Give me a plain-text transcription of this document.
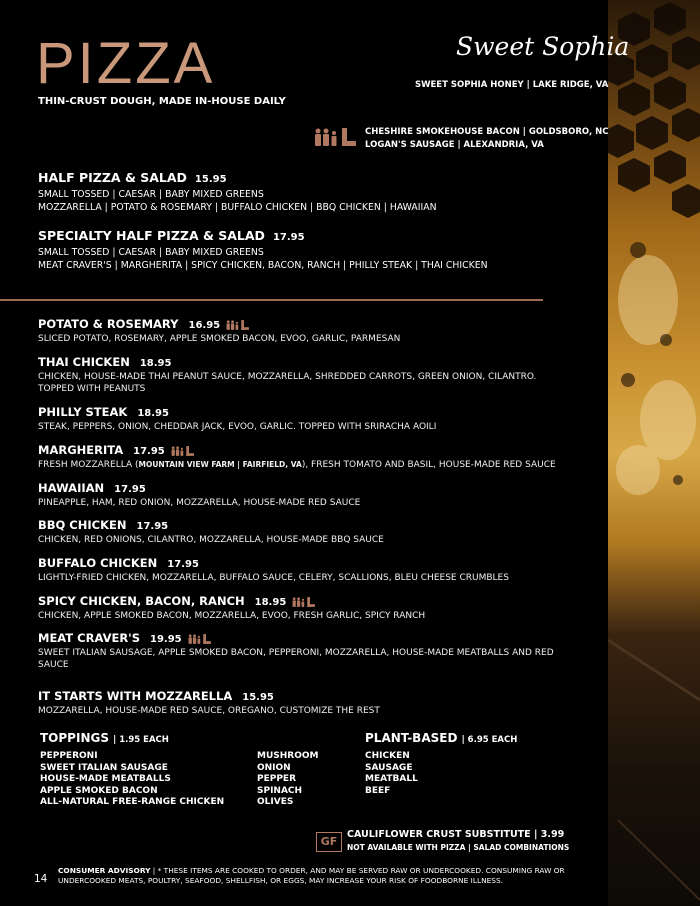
PIZZA
THIN-CRUST DOUGH, MADE IN-HOUSE DAILY
Sweet Sophia
SWEET SOPHIA HONEY | LAKE RIDGE, VA
CHESHIRE SMOKEHOUSE BACON | GOLDSBORO, NC
LOGAN'S SAUSAGE | ALEXANDRIA, VA
HALF PIZZA & SALAD 15.95
SMALL TOSSED | CAESAR | BABY MIXED GREENS
MOZZARELLA | POTATO & ROSEMARY | BUFFALO CHICKEN | BBQ CHICKEN | HAWAIIAN
SPECIALTY HALF PIZZA & SALAD 17.95
SMALL TOSSED | CAESAR | BABY MIXED GREENS
MEAT CRAVER'S | MARGHERITA | SPICY CHICKEN, BACON, RANCH | PHILLY STEAK | THAI CHICKEN
POTATO & ROSEMARY 16.95
SLICED POTATO, ROSEMARY, APPLE SMOKED BACON, EVOO, GARLIC, PARMESAN
THAI CHICKEN 18.95
CHICKEN, HOUSE-MADE THAI PEANUT SAUCE, MOZZARELLA, SHREDDED CARROTS, GREEN ONION, CILANTRO. TOPPED WITH PEANUTS
PHILLY STEAK 18.95
STEAK, PEPPERS, ONION, CHEDDAR JACK, EVOO, GARLIC. TOPPED WITH SRIRACHA AOILI
MARGHERITA 17.95
FRESH MOZZARELLA (MOUNTAIN VIEW FARM | FAIRFIELD, VA), FRESH TOMATO AND BASIL, HOUSE-MADE RED SAUCE
HAWAIIAN 17.95
PINEAPPLE, HAM, RED ONION, MOZZARELLA, HOUSE-MADE RED SAUCE
BBQ CHICKEN 17.95
CHICKEN, RED ONIONS, CILANTRO, MOZZARELLA, HOUSE-MADE BBQ SAUCE
BUFFALO CHICKEN 17.95
LIGHTLY-FRIED CHICKEN, MOZZARELLA, BUFFALO SAUCE, CELERY, SCALLIONS, BLEU CHEESE CRUMBLES
SPICY CHICKEN, BACON, RANCH 18.95
CHICKEN, APPLE SMOKED BACON, MOZZARELLA, EVOO, FRESH GARLIC, SPICY RANCH
MEAT CRAVER'S 19.95
SWEET ITALIAN SAUSAGE, APPLE SMOKED BACON, PEPPERONI, MOZZARELLA, HOUSE-MADE MEATBALLS AND RED SAUCE
IT STARTS WITH MOZZARELLA 15.95
MOZZARELLA, HOUSE-MADE RED SAUCE, OREGANO, CUSTOMIZE THE REST
TOPPINGS | 1.95 EACH
PEPPERONI
SWEET ITALIAN SAUSAGE
HOUSE-MADE MEATBALLS
APPLE SMOKED BACON
ALL-NATURAL FREE-RANGE CHICKEN
MUSHROOM
ONION
PEPPER
SPINACH
OLIVES
PLANT-BASED | 6.95 EACH
CHICKEN
SAUSAGE
MEATBALL
BEEF
GF
CAULIFLOWER CRUST SUBSTITUTE | 3.99
NOT AVAILABLE WITH PIZZA | SALAD COMBINATIONS
14
CONSUMER ADVISORY | * THESE ITEMS ARE COOKED TO ORDER, AND MAY BE SERVED RAW OR UNDERCOOKED. CONSUMING RAW OR UNDERCOOKED MEATS, POULTRY, SEAFOOD, SHELLFISH, OR EGGS, MAY INCREASE YOUR RISK OF FOODBORNE ILLNESS.
